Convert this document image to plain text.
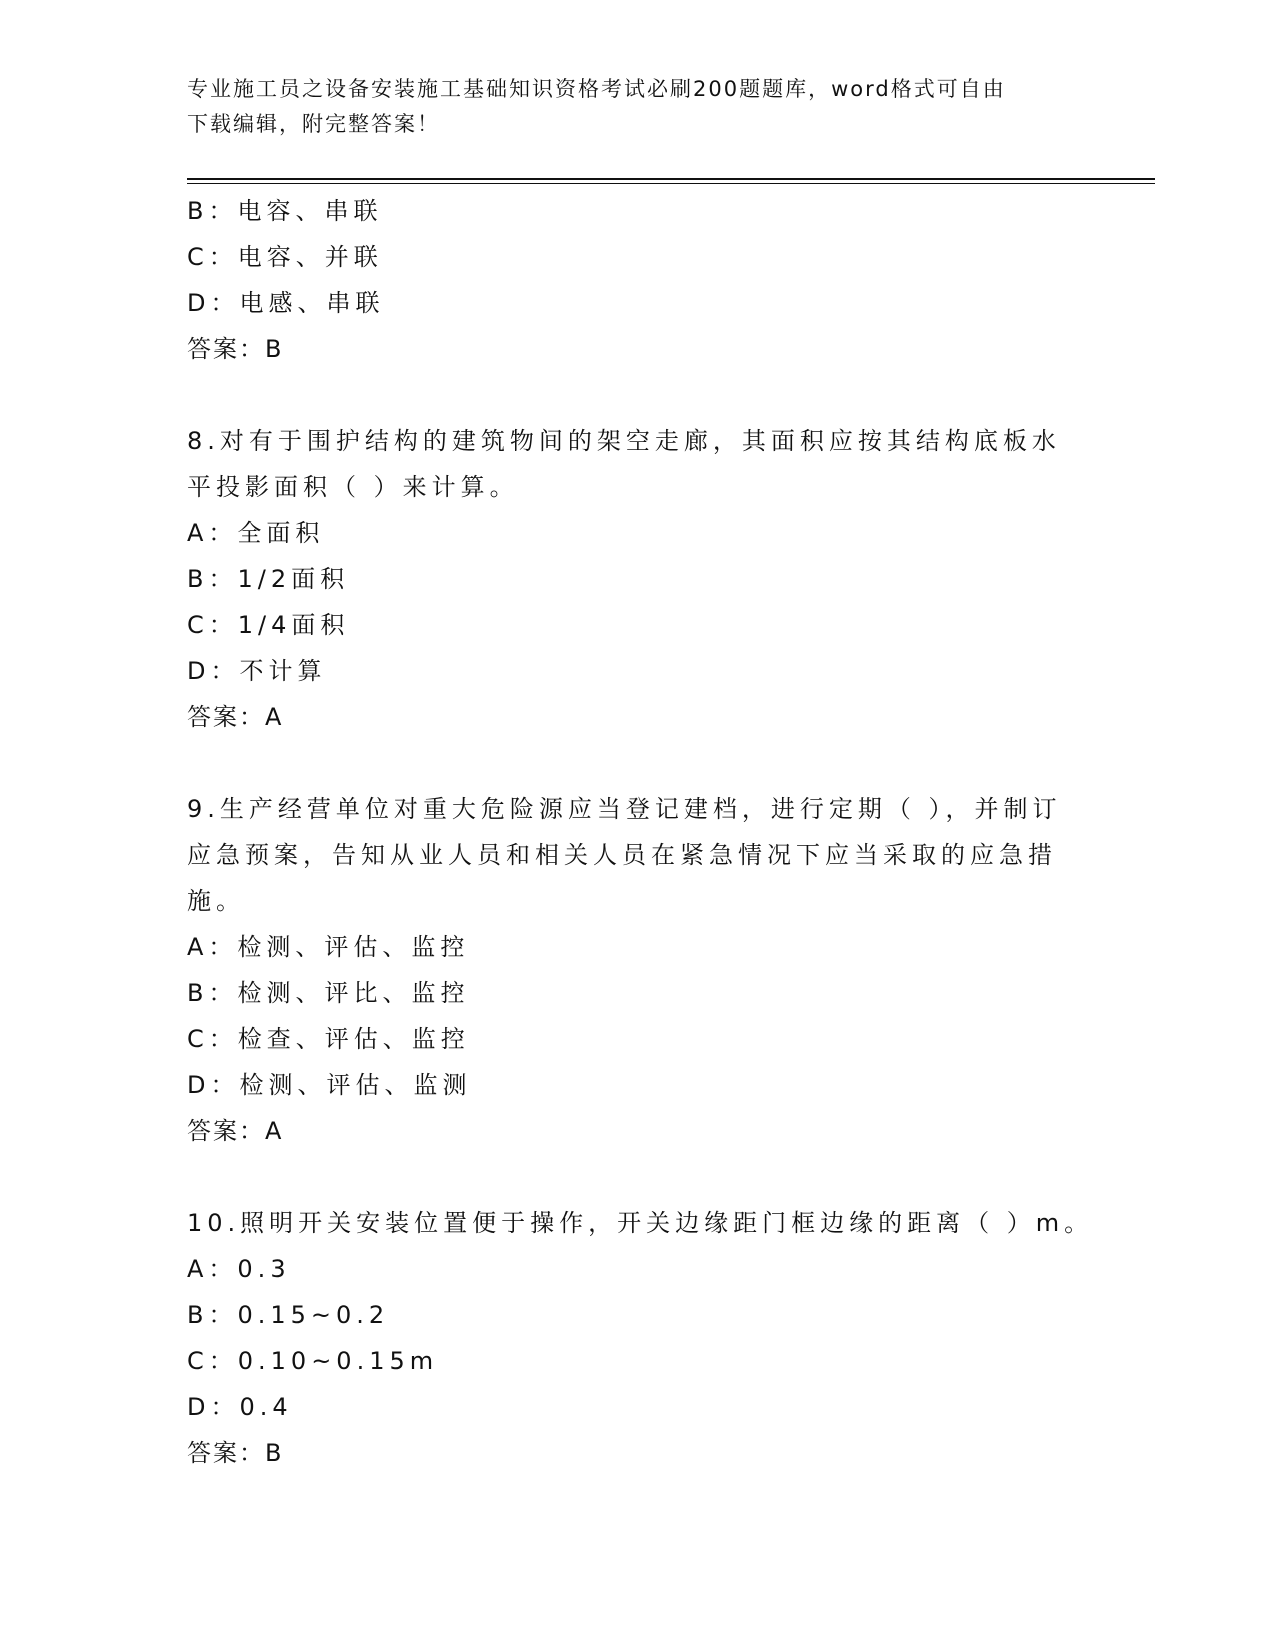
专业施工员之设备安装施工基础知识资格考试必刷200题题库，word格式可自由
下载编辑，附完整答案！
B：电容、串联
C：电容、并联
D：电感、串联
答案：B
8.对有于围护结构的建筑物间的架空走廊，其面积应按其结构底板水
平投影面积（ ）来计算。
A：全面积
B：1/2面积
C：1/4面积
D：不计算
答案：A
9.生产经营单位对重大危险源应当登记建档，进行定期（ ），并制订
应急预案，告知从业人员和相关人员在紧急情况下应当采取的应急措
施。
A：检测、评估、监控
B：检测、评比、监控
C：检查、评估、监控
D：检测、评估、监测
答案：A
10.照明开关安装位置便于操作，开关边缘距门框边缘的距离（ ）m。
A：0.3
B：0.15~0.2
C：0.10~0.15m
D：0.4
答案：B
